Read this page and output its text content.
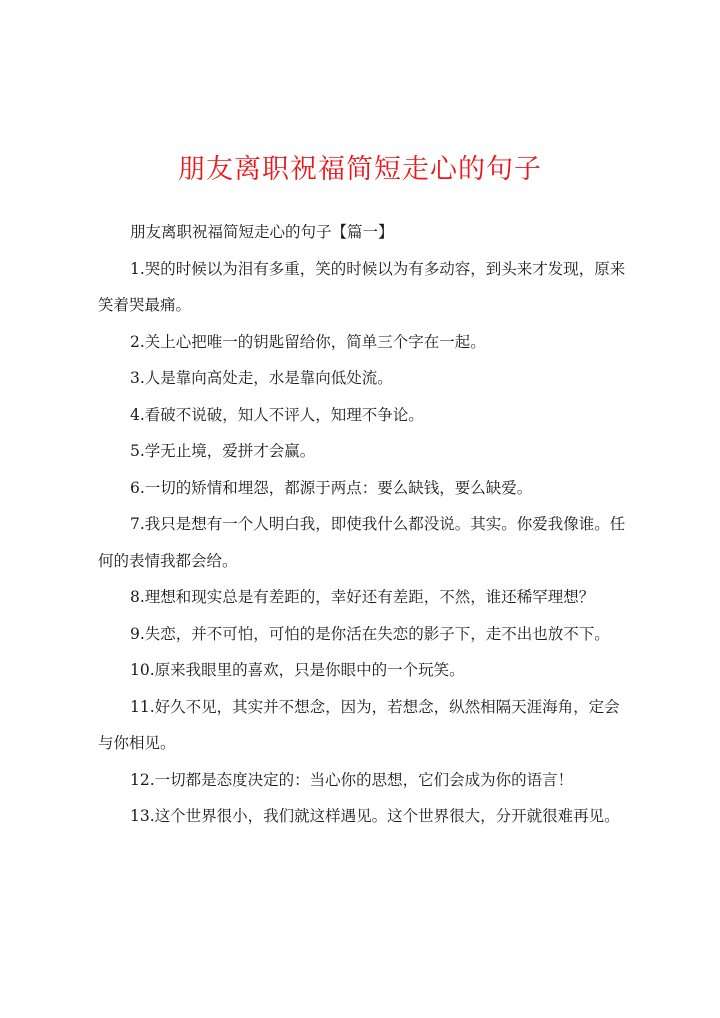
朋友离职祝福简短走心的句子

朋友离职祝福简短走心的句子【篇一】

1.哭的时候以为泪有多重，笑的时候以为有多动容，到头来才发现，原来笑着哭最痛。

2.关上心把唯一的钥匙留给你，简单三个字在一起。

3.人是靠向高处走，水是靠向低处流。

4.看破不说破，知人不评人，知理不争论。

5.学无止境，爱拼才会赢。

6.一切的矫情和埋怨，都源于两点：要么缺钱，要么缺爱。

7.我只是想有一个人明白我，即使我什么都没说。其实。你爱我像谁。任何的表情我都会给。

8.理想和现实总是有差距的，幸好还有差距，不然，谁还稀罕理想？

9.失恋，并不可怕，可怕的是你活在失恋的影子下，走不出也放不下。

10.原来我眼里的喜欢，只是你眼中的一个玩笑。

11.好久不见，其实并不想念，因为，若想念，纵然相隔天涯海角，定会与你相见。

12.一切都是态度决定的：当心你的思想，它们会成为你的语言！

13.这个世界很小，我们就这样遇见。这个世界很大，分开就很难再见。
